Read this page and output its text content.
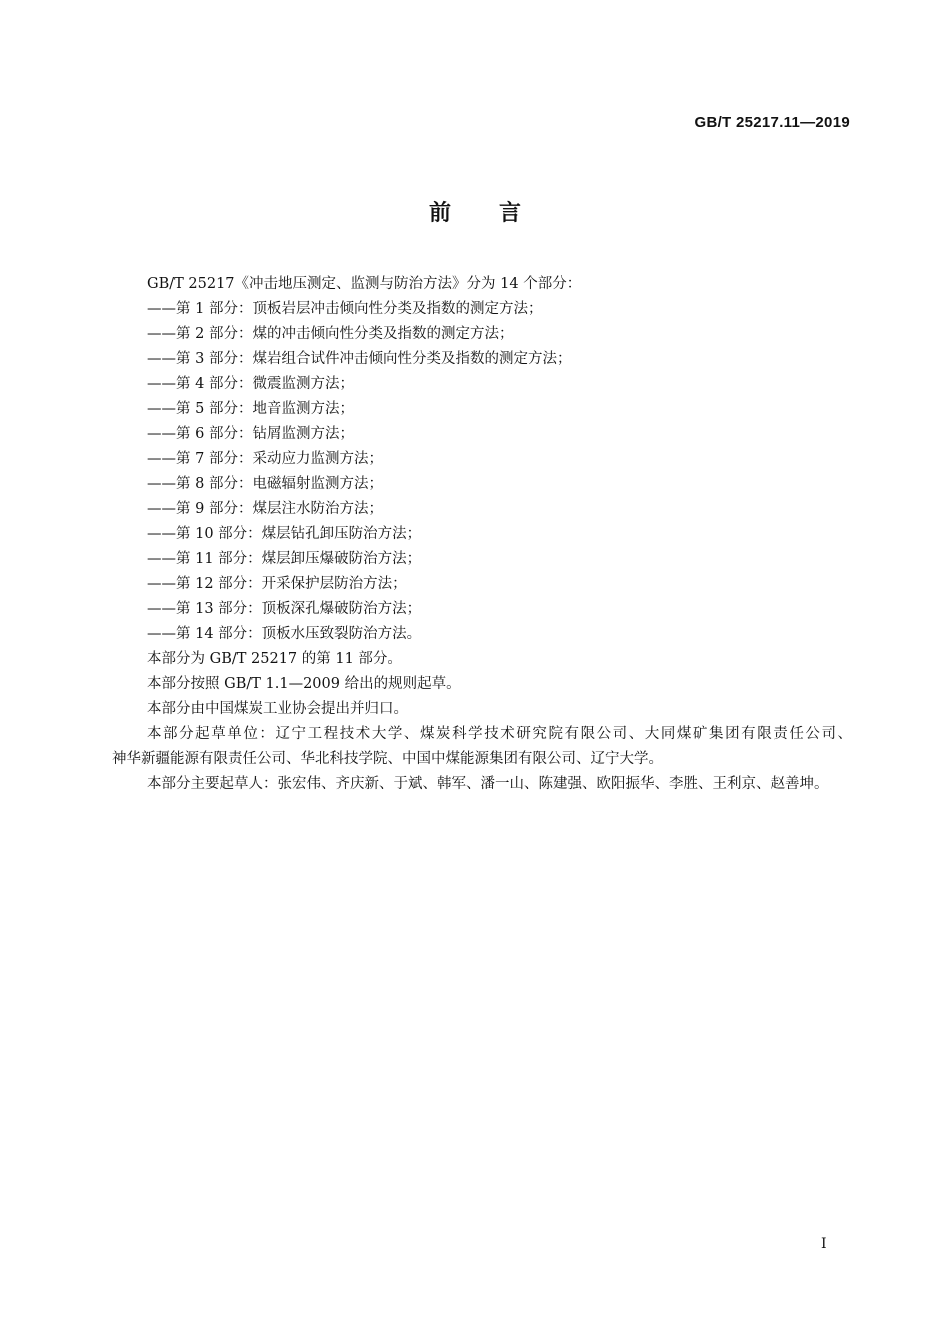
GB/T 25217.11—2019
前言
GB/T 25217《冲击地压测定、监测与防治方法》分为 14 个部分：
——第 1 部分：顶板岩层冲击倾向性分类及指数的测定方法；
——第 2 部分：煤的冲击倾向性分类及指数的测定方法；
——第 3 部分：煤岩组合试件冲击倾向性分类及指数的测定方法；
——第 4 部分：微震监测方法；
——第 5 部分：地音监测方法；
——第 6 部分：钻屑监测方法；
——第 7 部分：采动应力监测方法；
——第 8 部分：电磁辐射监测方法；
——第 9 部分：煤层注水防治方法；
——第 10 部分：煤层钻孔卸压防治方法；
——第 11 部分：煤层卸压爆破防治方法；
——第 12 部分：开采保护层防治方法；
——第 13 部分：顶板深孔爆破防治方法；
——第 14 部分：顶板水压致裂防治方法。
本部分为 GB/T 25217 的第 11 部分。
本部分按照 GB/T 1.1—2009 给出的规则起草。
本部分由中国煤炭工业协会提出并归口。
本部分起草单位：辽宁工程技术大学、煤炭科学技术研究院有限公司、大同煤矿集团有限责任公司、
神华新疆能源有限责任公司、华北科技学院、中国中煤能源集团有限公司、辽宁大学。
本部分主要起草人：张宏伟、齐庆新、于斌、韩军、潘一山、陈建强、欧阳振华、李胜、王利京、赵善坤。
I
